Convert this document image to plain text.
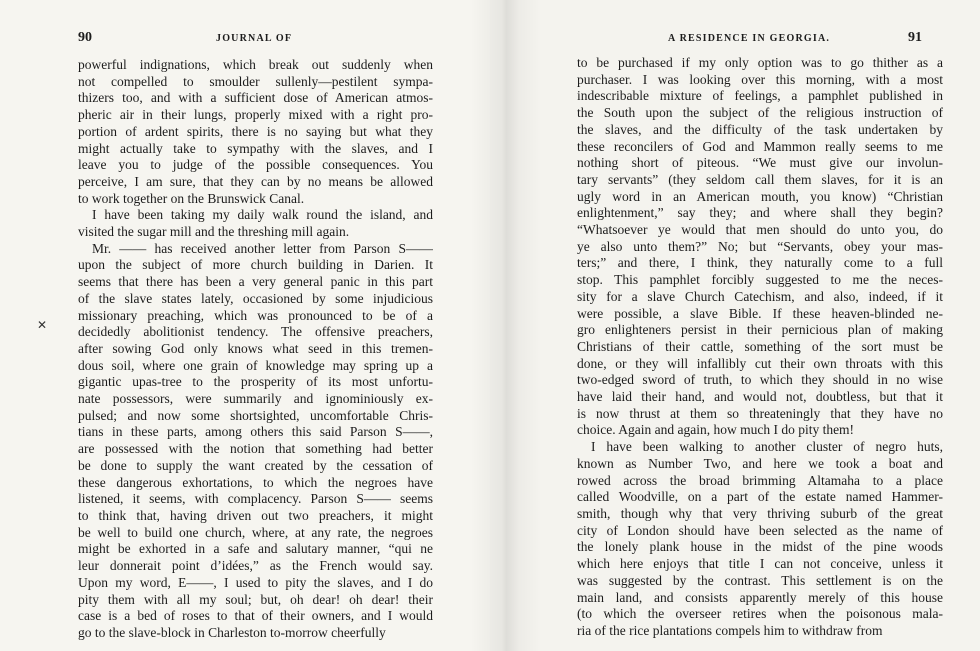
90	JOURNAL OF
powerful indignations, which break out suddenly when
not compelled to smoulder sullenly—pestilent sympa-
thizers too, and with a sufficient dose of American atmos-
pheric air in their lungs, properly mixed with a right pro-
portion of ardent spirits, there is no saying but what they
might actually take to sympathy with the slaves, and I
leave you to judge of the possible consequences. You
perceive, I am sure, that they can by no means be allowed
to work together on the Brunswick Canal.
I have been taking my daily walk round the island, and
visited the sugar mill and the threshing mill again.
Mr. —— has received another letter from Parson S——
upon the subject of more church building in Darien. It
seems that there has been a very general panic in this part
of the slave states lately, occasioned by some injudicious
missionary preaching, which was pronounced to be of a
decidedly abolitionist tendency. The offensive preachers,
after sowing God only knows what seed in this tremen-
dous soil, where one grain of knowledge may spring up a
gigantic upas-tree to the prosperity of its most unfortu-
nate possessors, were summarily and ignominiously ex-
pulsed; and now some shortsighted, uncomfortable Chris-
tians in these parts, among others this said Parson S——,
are possessed with the notion that something had better
be done to supply the want created by the cessation of
these dangerous exhortations, to which the negroes have
listened, it seems, with complacency. Parson S—— seems
to think that, having driven out two preachers, it might
be well to build one church, where, at any rate, the negroes
might be exhorted in a safe and salutary manner, “qui ne
leur donnerait point d’idées,” as the French would say.
Upon my word, E——, I used to pity the slaves, and I do
pity them with all my soul; but, oh dear! oh dear! their
case is a bed of roses to that of their owners, and I would
go to the slave-block in Charleston to-morrow cheerfully
✕
A RESIDENCE IN GEORGIA.	91
to be purchased if my only option was to go thither as a
purchaser. I was looking over this morning, with a most
indescribable mixture of feelings, a pamphlet published in
the South upon the subject of the religious instruction of
the slaves, and the difficulty of the task undertaken by
these reconcilers of God and Mammon really seems to me
nothing short of piteous. “We must give our involun-
tary servants” (they seldom call them slaves, for it is an
ugly word in an American mouth, you know) “Christian
enlightenment,” say they; and where shall they begin?
“Whatsoever ye would that men should do unto you, do
ye also unto them?” No; but “Servants, obey your mas-
ters;” and there, I think, they naturally come to a full
stop. This pamphlet forcibly suggested to me the neces-
sity for a slave Church Catechism, and also, indeed, if it
were possible, a slave Bible. If these heaven-blinded ne-
gro enlighteners persist in their pernicious plan of making
Christians of their cattle, something of the sort must be
done, or they will infallibly cut their own throats with this
two-edged sword of truth, to which they should in no wise
have laid their hand, and would not, doubtless, but that it
is now thrust at them so threateningly that they have no
choice. Again and again, how much I do pity them!
I have been walking to another cluster of negro huts,
known as Number Two, and here we took a boat and
rowed across the broad brimming Altamaha to a place
called Woodville, on a part of the estate named Hammer-
smith, though why that very thriving suburb of the great
city of London should have been selected as the name of
the lonely plank house in the midst of the pine woods
which here enjoys that title I can not conceive, unless it
was suggested by the contrast. This settlement is on the
main land, and consists apparently merely of this house
(to which the overseer retires when the poisonous mala-
ria of the rice plantations compels him to withdraw from
